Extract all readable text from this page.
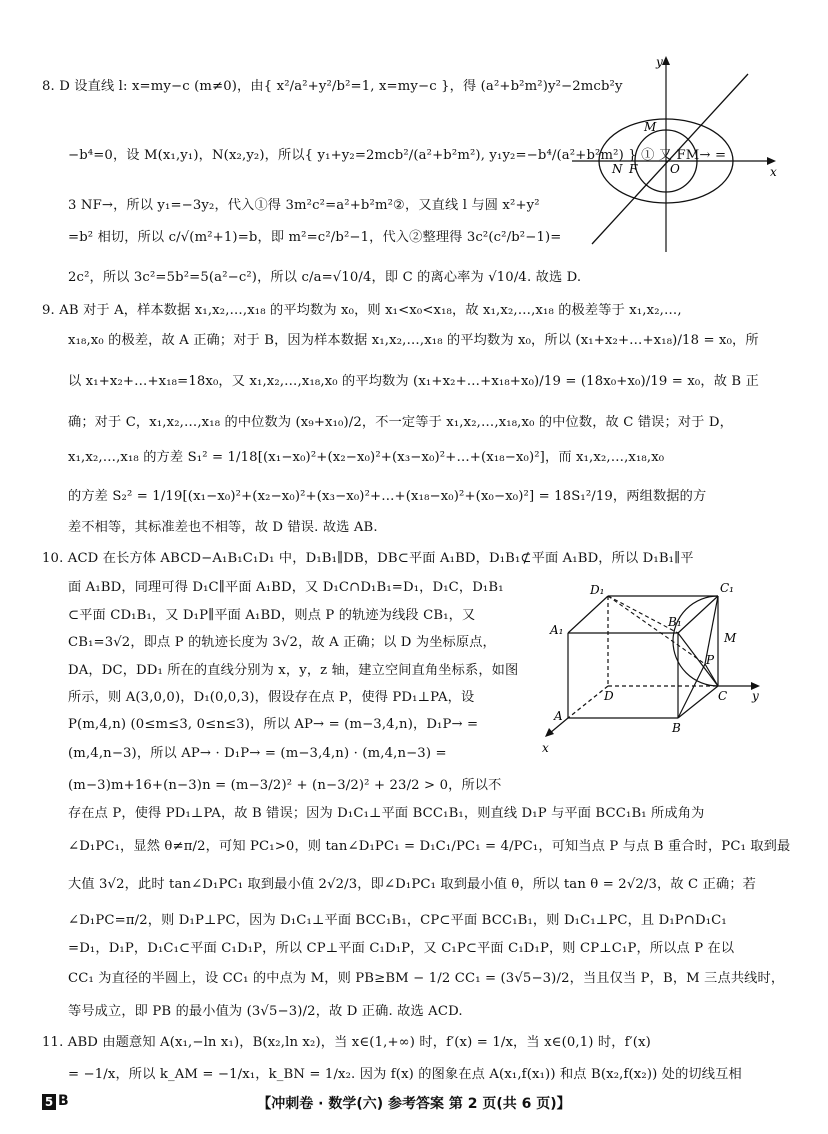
8. D 设直线 l: x=my−c (m≠0)，由{ x²/a²+y²/b²=1, x=my−c }，得 (a²+b²m²)y²−2mcb²y
−b⁴=0，设 M(x₁,y₁)，N(x₂,y₂)，所以{ y₁+y₂=2mcb²/(a²+b²m²), y₁y₂=−b⁴/(a²+b²m²) } ① 又 FM→ =
3 NF→，所以 y₁=−3y₂，代入①得 3m²c²=a²+b²m²②，又直线 l 与圆 x²+y²
=b² 相切，所以 c/√(m²+1)=b，即 m²=c²/b²−1，代入②整理得 3c²(c²/b²−1)=
2c²，所以 3c²=5b²=5(a²−c²)，所以 c/a=√10/4，即 C 的离心率为 √10/4. 故选 D.
y
x
M
N F	O
9. AB 对于 A，样本数据 x₁,x₂,…,x₁₈ 的平均数为 x₀，则 x₁<x₀<x₁₈，故 x₁,x₂,…,x₁₈ 的极差等于 x₁,x₂,…,
x₁₈,x₀ 的极差，故 A 正确；对于 B，因为样本数据 x₁,x₂,…,x₁₈ 的平均数为 x₀，所以 (x₁+x₂+…+x₁₈)/18 = x₀，所
以 x₁+x₂+…+x₁₈=18x₀，又 x₁,x₂,…,x₁₈,x₀ 的平均数为 (x₁+x₂+…+x₁₈+x₀)/19 = (18x₀+x₀)/19 = x₀，故 B 正
确；对于 C，x₁,x₂,…,x₁₈ 的中位数为 (x₉+x₁₀)/2，不一定等于 x₁,x₂,…,x₁₈,x₀ 的中位数，故 C 错误；对于 D，
x₁,x₂,…,x₁₈ 的方差 S₁² = 1/18[(x₁−x₀)²+(x₂−x₀)²+(x₃−x₀)²+…+(x₁₈−x₀)²]，而 x₁,x₂,…,x₁₈,x₀
的方差 S₂² = 1/19[(x₁−x₀)²+(x₂−x₀)²+(x₃−x₀)²+…+(x₁₈−x₀)²+(x₀−x₀)²] = 18S₁²/19，两组数据的方
差不相等，其标准差也不相等，故 D 错误. 故选 AB.
10. ACD 在长方体 ABCD−A₁B₁C₁D₁ 中，D₁B₁∥DB，DB⊂平面 A₁BD，D₁B₁⊄平面 A₁BD，所以 D₁B₁∥平
面 A₁BD，同理可得 D₁C∥平面 A₁BD，又 D₁C∩D₁B₁=D₁，D₁C，D₁B₁
⊂平面 CD₁B₁，又 D₁P∥平面 A₁BD，则点 P 的轨迹为线段 CB₁，又
CB₁=3√2，即点 P 的轨迹长度为 3√2，故 A 正确；以 D 为坐标原点，
DA，DC，DD₁ 所在的直线分别为 x，y，z 轴，建立空间直角坐标系，如图
所示，则 A(3,0,0)，D₁(0,0,3)，假设存在点 P，使得 PD₁⊥PA，设
P(m,4,n) (0≤m≤3, 0≤n≤3)，所以 AP→ = (m−3,4,n)，D₁P→ =
(m,4,n−3)，所以 AP→ · D₁P→ = (m−3,4,n) · (m,4,n−3) =
(m−3)m+16+(n−3)n = (m−3/2)² + (n−3/2)² + 23/2 > 0，所以不
存在点 P，使得 PD₁⊥PA，故 B 错误；因为 D₁C₁⊥平面 BCC₁B₁，则直线 D₁P 与平面 BCC₁B₁ 所成角为
∠D₁PC₁，显然 θ≠π/2，可知 PC₁>0，则 tan∠D₁PC₁ = D₁C₁/PC₁ = 4/PC₁，可知当点 P 与点 B 重合时，PC₁ 取到最
大值 3√2，此时 tan∠D₁PC₁ 取到最小值 2√2/3，即∠D₁PC₁ 取到最小值 θ，所以 tan θ = 2√2/3，故 C 正确；若
∠D₁PC=π/2，则 D₁P⊥PC，因为 D₁C₁⊥平面 BCC₁B₁，CP⊂平面 BCC₁B₁，则 D₁C₁⊥PC，且 D₁P∩D₁C₁
=D₁，D₁P，D₁C₁⊂平面 C₁D₁P，所以 CP⊥平面 C₁D₁P，又 C₁P⊂平面 C₁D₁P，则 CP⊥C₁P，所以点 P 在以
CC₁ 为直径的半圆上，设 CC₁ 的中点为 M，则 PB≥BM − 1/2 CC₁ = (3√5−3)/2，当且仅当 P，B，M 三点共线时，
等号成立，即 PB 的最小值为 (3√5−3)/2，故 D 正确. 故选 ACD.
D₁	C₁
B₁
A₁
M
P
D	C y
A
B
x
11. ABD 由题意知 A(x₁,−ln x₁)，B(x₂,ln x₂)，当 x∈(1,+∞) 时，f′(x) = 1/x，当 x∈(0,1) 时，f′(x)
= −1/x，所以 k_AM = −1/x₁，k_BN = 1/x₂. 因为 f(x) 的图象在点 A(x₁,f(x₁)) 和点 B(x₂,f(x₂)) 处的切线互相
5 B	【冲刺卷 · 数学(六) 参考答案 第 2 页(共 6 页)】
